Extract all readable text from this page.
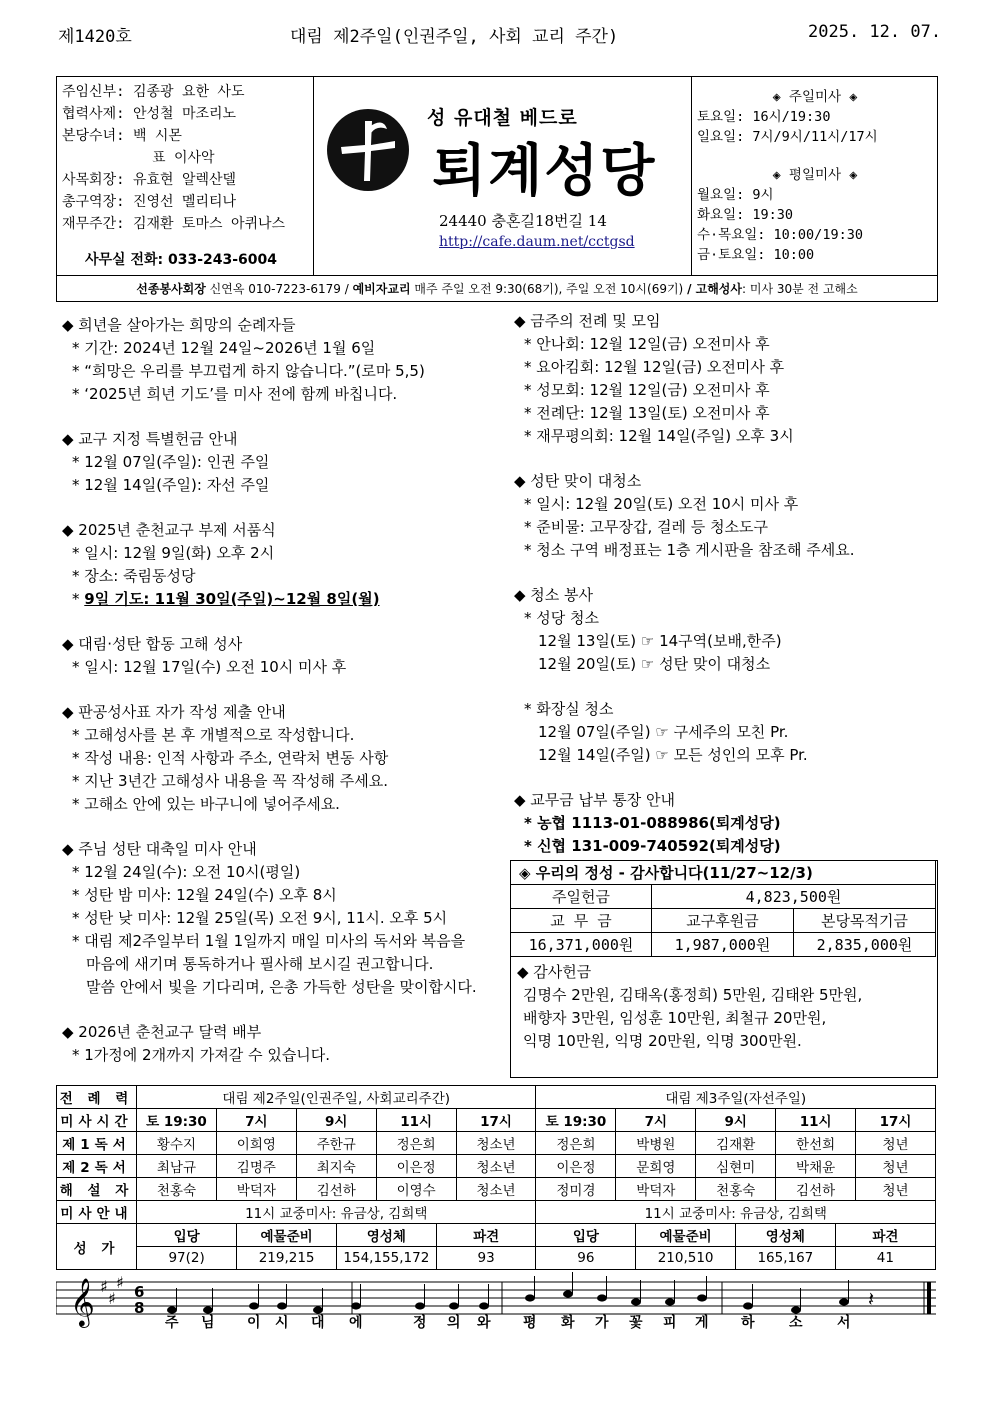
제1420호	대림 제2주일(인권주일, 사회 교리 주간)	2025. 12. 07.
주임신부: 김종광 요한 사도
협력사제: 안성철 마조리노
본당수녀: 백 시몬
표 이사악
사목회장: 유효현 알렉산델
총구역장: 진영선 멜리티나
재무주간: 김재환 토마스 아퀴나스
사무실 전화: 033-243-6004
성 유대철 베드로
퇴계성당
24440 충혼길18번길 14
http://cafe.daum.net/cctgsd
◈ 주일미사 ◈
토요일: 16시/19:30
일요일: 7시/9시/11시/17시
◈ 평일미사 ◈
월요일: 9시
화요일: 19:30
수·목요일: 10:00/19:30
금·토요일: 10:00
선종봉사회장 신연옥 010-7223-6179 / 예비자교리 매주 주일 오전 9:30(68기), 주일 오전 10시(69기) / 고해성사: 미사 30분 전 고해소
◆ 희년을 살아가는 희망의 순례자들
* 기간: 2024년 12월 24일~2026년 1월 6일
* “희망은 우리를 부끄럽게 하지 않습니다.”(로마 5,5)
* ‘2025년 희년 기도’를 미사 전에 함께 바칩니다.
◆ 교구 지정 특별헌금 안내
* 12월 07일(주일): 인권 주일
* 12월 14일(주일): 자선 주일
◆ 2025년 춘천교구 부제 서품식
* 일시: 12월 9일(화) 오후 2시
* 장소: 죽림동성당
* 9일 기도: 11월 30일(주일)~12월 8일(월)
◆ 대림·성탄 합동 고해 성사
* 일시: 12월 17일(수) 오전 10시 미사 후
◆ 판공성사표 자가 작성 제출 안내
* 고해성사를 본 후 개별적으로 작성합니다.
* 작성 내용: 인적 사항과 주소, 연락처 변동 사항
* 지난 3년간 고해성사 내용을 꼭 작성해 주세요.
* 고해소 안에 있는 바구니에 넣어주세요.
◆ 주님 성탄 대축일 미사 안내
* 12월 24일(수): 오전 10시(평일)
* 성탄 밤 미사: 12월 24일(수) 오후 8시
* 성탄 낮 미사: 12월 25일(목) 오전 9시, 11시. 오후 5시
* 대림 제2주일부터 1월 1일까지 매일 미사의 독서와 복음을
마음에 새기며 통독하거나 필사해 보시길 권고합니다.
말씀 안에서 빛을 기다리며, 은총 가득한 성탄을 맞이합시다.
◆ 2026년 춘천교구 달력 배부
* 1가정에 2개까지 가져갈 수 있습니다.
◆ 금주의 전례 및 모임
* 안나회: 12월 12일(금) 오전미사 후
* 요아킴회: 12월 12일(금) 오전미사 후
* 성모회: 12월 12일(금) 오전미사 후
* 전례단: 12월 13일(토) 오전미사 후
* 재무평의회: 12월 14일(주일) 오후 3시
◆ 성탄 맞이 대청소
* 일시: 12월 20일(토) 오전 10시 미사 후
* 준비물: 고무장갑, 걸레 등 청소도구
* 청소 구역 배정표는 1층 게시판을 참조해 주세요.
◆ 청소 봉사
* 성당 청소
12월 13일(토) ☞ 14구역(보배,한주)
12월 20일(토) ☞ 성탄 맞이 대청소
* 화장실 청소
12월 07일(주일) ☞ 구세주의 모친 Pr.
12월 14일(주일) ☞ 모든 성인의 모후 Pr.
◆ 교무금 납부 통장 안내
* 농협 1113-01-088986(퇴계성당)
* 신협 131-009-740592(퇴계성당)
◈ 우리의 정성 - 감사합니다(11/27~12/3)		
주일헌금	4,823,500원	
교 무 금	교구후원금	본당목적기금
16,371,000원	1,987,000원	2,835,000원
◆ 감사헌금
김명수 2만원, 김태옥(홍정희) 5만원, 김태완 5만원,
배향자 3만원, 임성훈 10만원, 최철규 20만원,
익명 10만원, 익명 20만원, 익명 300만원.
전 례 력	대림 제2주일(인권주일, 사회교리주간)	대림 제3주일(자선주일)
미사시간	토 19:30	7시	9시	11시	17시	토 19:30	7시	9시	11시	17시
제1독서	황수지	이희영	주한규	정은희	청소년	정은희	박병원	김재환	한선희	청년
제2독서	최남규	김명주	최지숙	이은정	청소년	이은정	문희영	심현미	박채윤	청년
해 설 자	천홍숙	박덕자	김선하	이영수	청소년	정미경	박덕자	천홍숙	김선하	청년
미사안내	11시 교중미사: 유금상, 김희택	11시 교중미사: 유금상, 김희택
성 가	
입당	예물준비	영성체	파견	입당	예물준비	영성체	파견
97(2)	219,215	154,155,172	93	96	210,510	165,167	41
𝄞 ♯
♯
♯ 6
8	𝄽
주 님 이 시 대 에	정 의 와 평 화 가 꽃 피 게 하 소 서
